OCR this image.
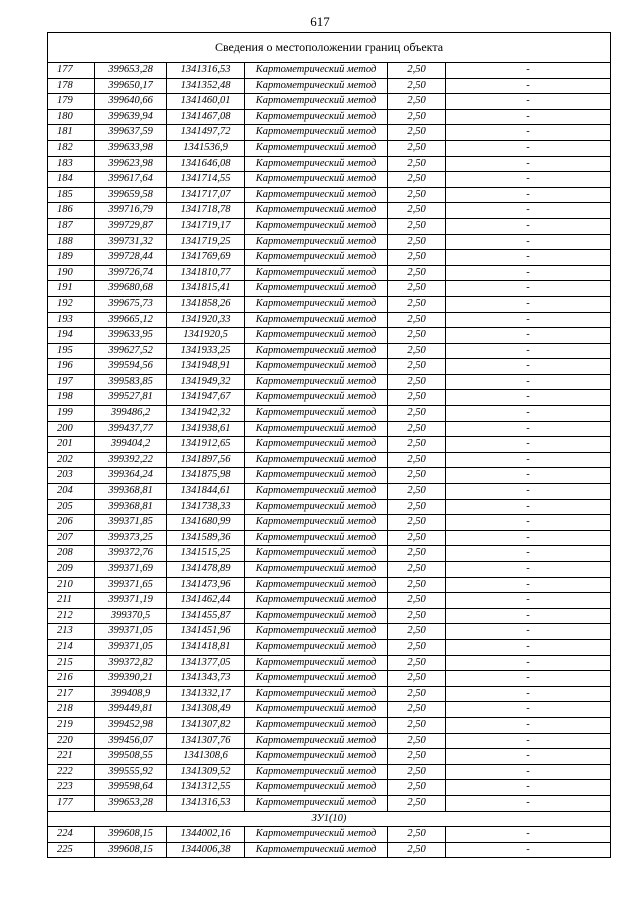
617
Сведения о местоположении границ объекта					
177	399653,28	1341316,53	Картометрический метод	2,50	-
178	399650,17	1341352,48	Картометрический метод	2,50	-
179	399640,66	1341460,01	Картометрический метод	2,50	-
180	399639,94	1341467,08	Картометрический метод	2,50	-
181	399637,59	1341497,72	Картометрический метод	2,50	-
182	399633,98	1341536,9	Картометрический метод	2,50	-
183	399623,98	1341646,08	Картометрический метод	2,50	-
184	399617,64	1341714,55	Картометрический метод	2,50	-
185	399659,58	1341717,07	Картометрический метод	2,50	-
186	399716,79	1341718,78	Картометрический метод	2,50	-
187	399729,87	1341719,17	Картометрический метод	2,50	-
188	399731,32	1341719,25	Картометрический метод	2,50	-
189	399728,44	1341769,69	Картометрический метод	2,50	-
190	399726,74	1341810,77	Картометрический метод	2,50	-
191	399680,68	1341815,41	Картометрический метод	2,50	-
192	399675,73	1341858,26	Картометрический метод	2,50	-
193	399665,12	1341920,33	Картометрический метод	2,50	-
194	399633,95	1341920,5	Картометрический метод	2,50	-
195	399627,52	1341933,25	Картометрический метод	2,50	-
196	399594,56	1341948,91	Картометрический метод	2,50	-
197	399583,85	1341949,32	Картометрический метод	2,50	-
198	399527,81	1341947,67	Картометрический метод	2,50	-
199	399486,2	1341942,32	Картометрический метод	2,50	-
200	399437,77	1341938,61	Картометрический метод	2,50	-
201	399404,2	1341912,65	Картометрический метод	2,50	-
202	399392,22	1341897,56	Картометрический метод	2,50	-
203	399364,24	1341875,98	Картометрический метод	2,50	-
204	399368,81	1341844,61	Картометрический метод	2,50	-
205	399368,81	1341738,33	Картометрический метод	2,50	-
206	399371,85	1341680,99	Картометрический метод	2,50	-
207	399373,25	1341589,36	Картометрический метод	2,50	-
208	399372,76	1341515,25	Картометрический метод	2,50	-
209	399371,69	1341478,89	Картометрический метод	2,50	-
210	399371,65	1341473,96	Картометрический метод	2,50	-
211	399371,19	1341462,44	Картометрический метод	2,50	-
212	399370,5	1341455,87	Картометрический метод	2,50	-
213	399371,05	1341451,96	Картометрический метод	2,50	-
214	399371,05	1341418,81	Картометрический метод	2,50	-
215	399372,82	1341377,05	Картометрический метод	2,50	-
216	399390,21	1341343,73	Картометрический метод	2,50	-
217	399408,9	1341332,17	Картометрический метод	2,50	-
218	399449,81	1341308,49	Картометрический метод	2,50	-
219	399452,98	1341307,82	Картометрический метод	2,50	-
220	399456,07	1341307,76	Картометрический метод	2,50	-
221	399508,55	1341308,6	Картометрический метод	2,50	-
222	399555,92	1341309,52	Картометрический метод	2,50	-
223	399598,64	1341312,55	Картометрический метод	2,50	-
177	399653,28	1341316,53	Картометрический метод	2,50	-
ЗУ1(10)					
224	399608,15	1344002,16	Картометрический метод	2,50	-
225	399608,15	1344006,38	Картометрический метод	2,50	-
